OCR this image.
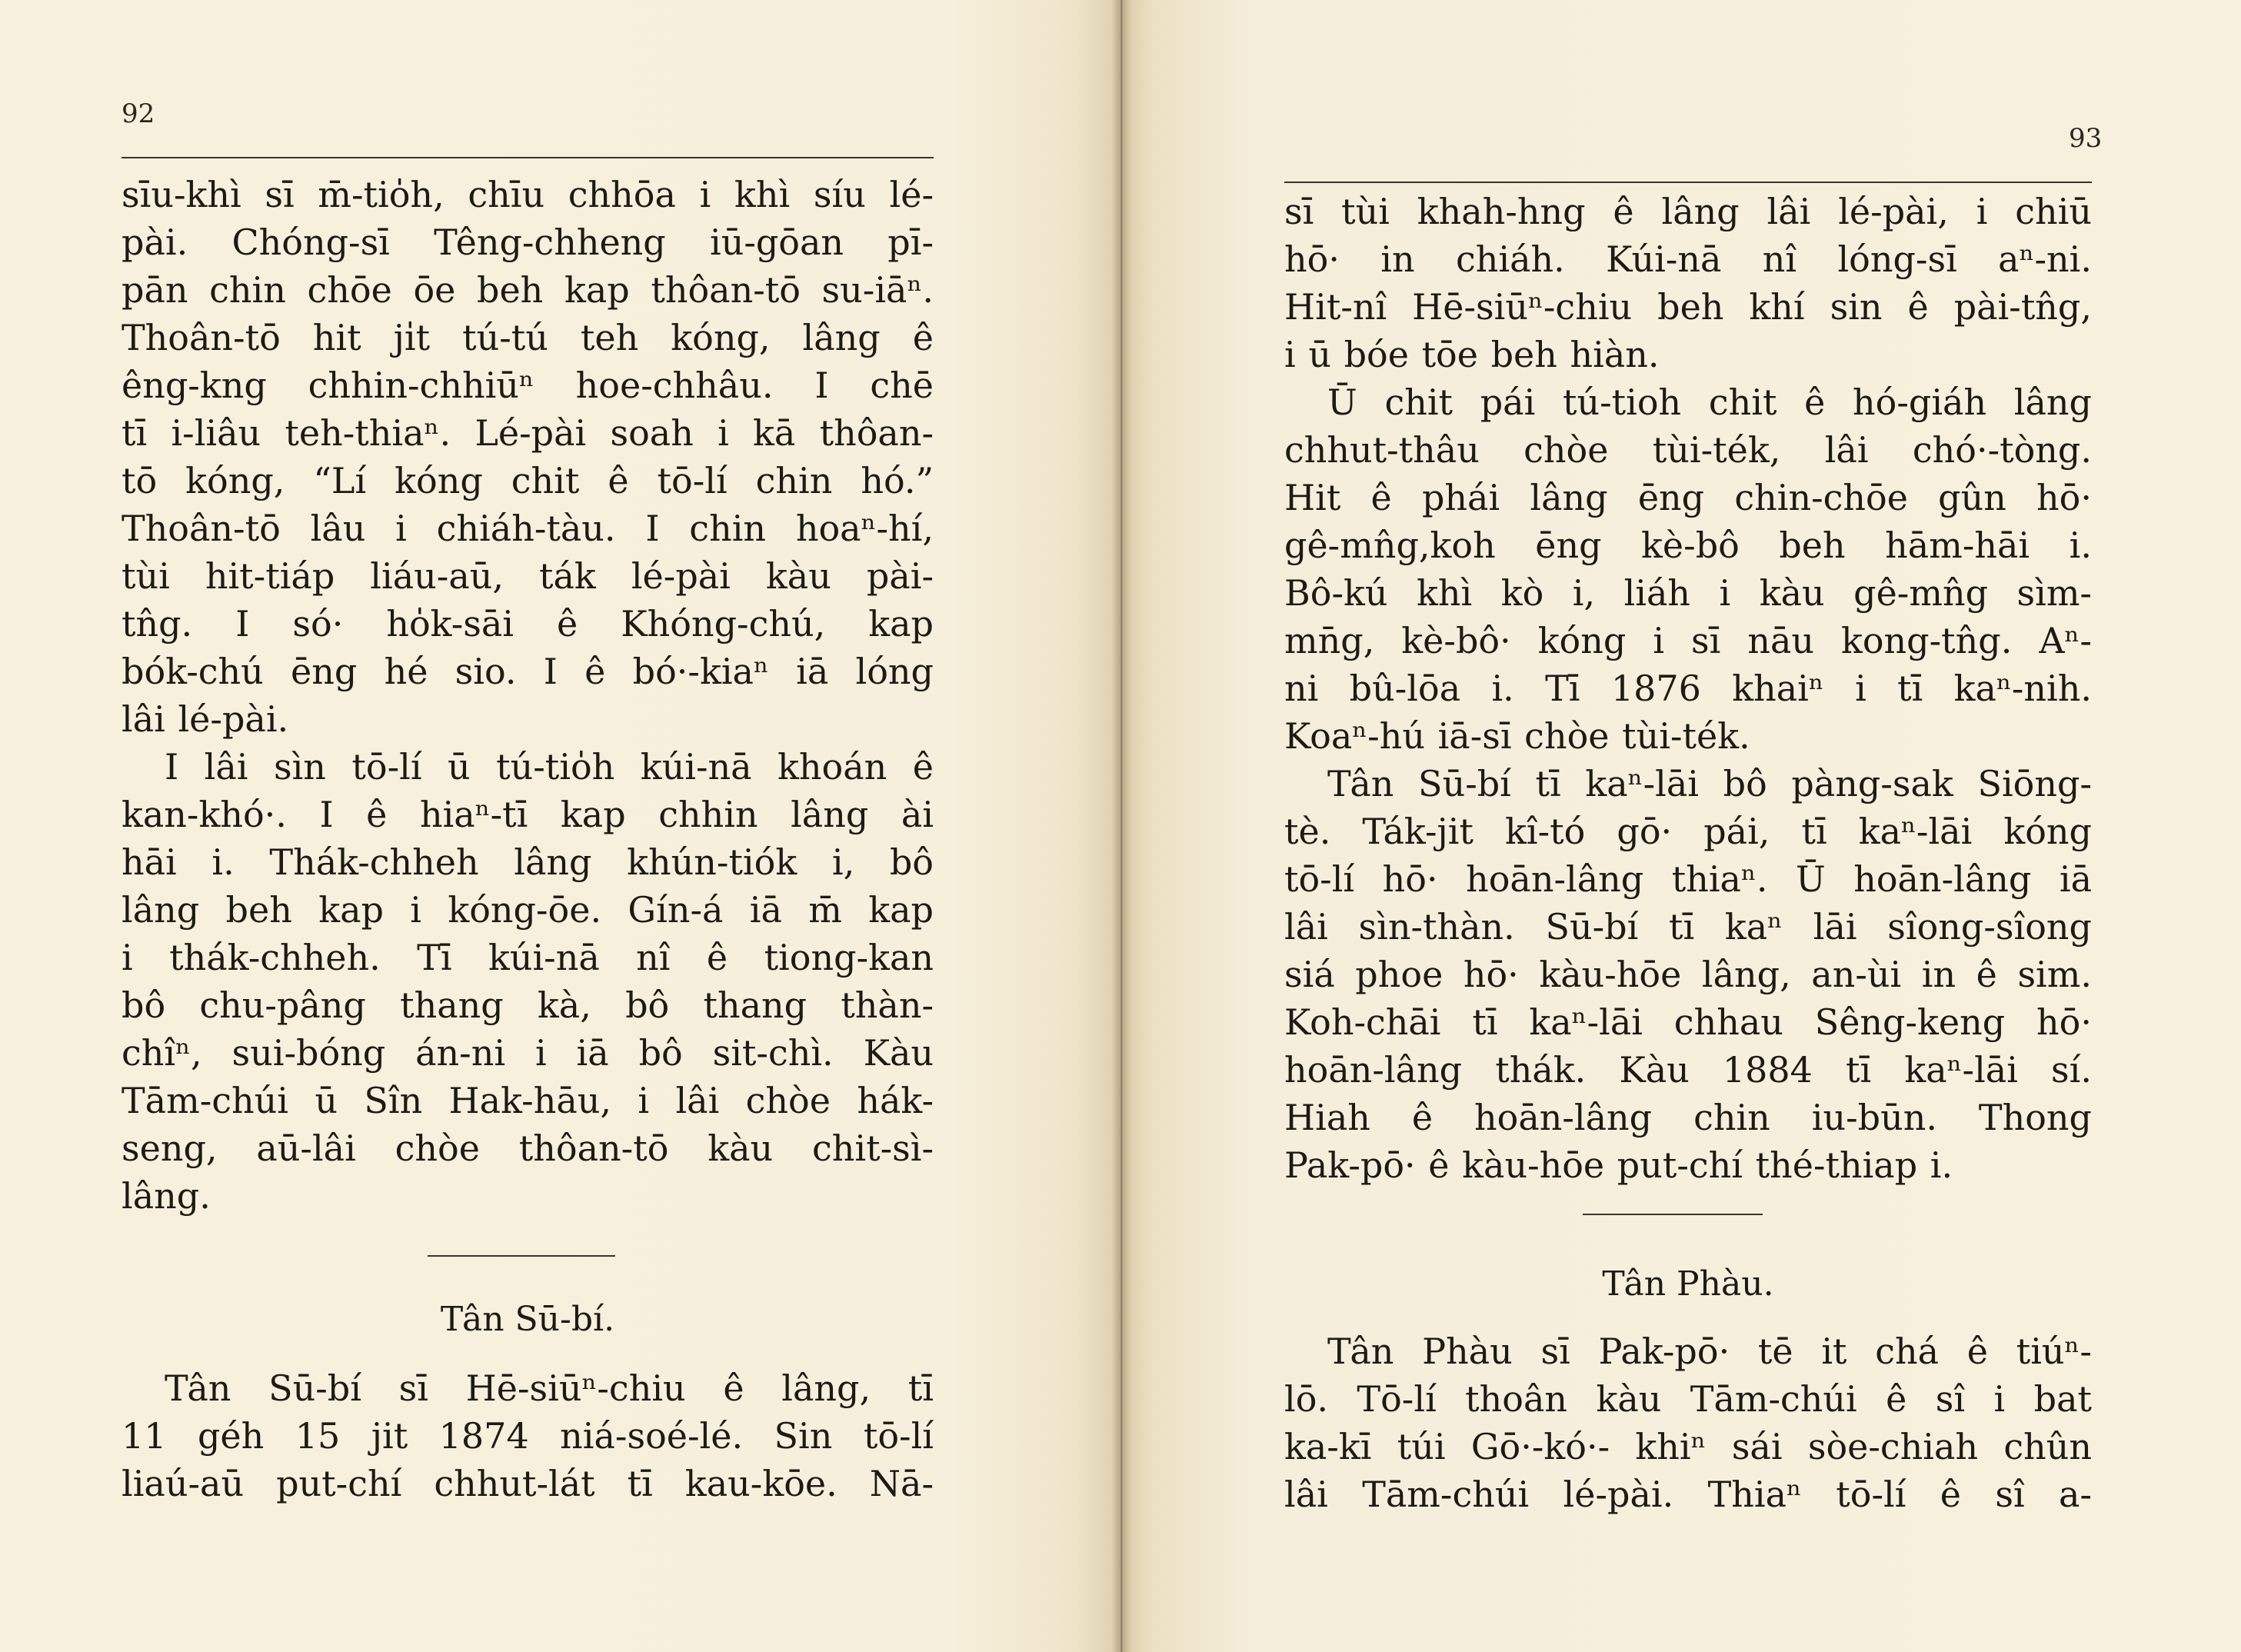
92
sīu-khì sī m̄-tio̍h, chīu chhōa i khì síu lé-
pài. Chóng-sī Têng-chheng iū-gōan pī-
pān chin chōe ōe beh kap thôan-tō su-iāⁿ.
Thoân-tō hit ji̍t tú-tú teh kóng, lâng ê
êng-kng chhin-chhiūⁿ hoe-chhâu. I chē
tī i-liâu teh-thiaⁿ. Lé-pài soah i kā thôan-
tō kóng, “Lí kóng chit ê tō-lí chin hó.”
Thoân-tō lâu i chiáh-tàu. I chin hoaⁿ-hí,
tùi hit-tiáp liáu-aū, ták lé-pài kàu pài-
tn̂g. I só· ho̍k-sāi ê Khóng-chú, kap
bók-chú ēng hé sio. I ê bó·-kiaⁿ iā lóng
lâi lé-pài.
I lâi sìn tō-lí ū tú-tio̍h kúi-nā khoán ê
kan-khó·. I ê hiaⁿ-tī kap chhin lâng ài
hāi i. Thák-chheh lâng khún-tiók i, bô
lâng beh kap i kóng-ōe. Gín-á iā m̄ kap
i thák-chheh. Tī kúi-nā nî ê tiong-kan
bô chu-pâng thang kà, bô thang thàn-
chîⁿ, sui-bóng án-ni i iā bô sit-chì. Kàu
Tām-chúi ū Sîn Hak-hāu, i lâi chòe hák-
seng, aū-lâi chòe thôan-tō kàu chit-sì-
lâng.
Tân Sū-bí.
Tân Sū-bí sī Hē-siūⁿ-chiu ê lâng, tī
11 géh 15 jit 1874 niá-soé-lé. Sin tō-lí
liaú-aū put-chí chhut-lát tī kau-kōe. Nā-
93
sī tùi khah-hng ê lâng lâi lé-pài, i chiū
hō· in chiáh. Kúi-nā nî lóng-sī aⁿ-ni.
Hit-nî Hē-siūⁿ-chiu beh khí sin ê pài-tn̂g,
i ū bóe tōe beh hiàn.
Ū chit pái tú-tioh chit ê hó-giáh lâng
chhut-thâu chòe tùi-ték, lâi chó·-tòng.
Hit ê phái lâng ēng chin-chōe gûn hō·
gê-mn̂g,koh ēng kè-bô beh hām-hāi i.
Bô-kú khì kò i, liáh i kàu gê-mn̂g sìm-
mn̄g, kè-bô· kóng i sī nāu kong-tn̂g. Aⁿ-
ni bû-lōa i. Tī 1876 khaiⁿ i tī kaⁿ-nih.
Koaⁿ-hú iā-sī chòe tùi-ték.
Tân Sū-bí tī kaⁿ-lāi bô pàng-sak Siōng-
tè. Ták-jit kî-tó gō· pái, tī kaⁿ-lāi kóng
tō-lí hō· hoān-lâng thiaⁿ. Ū hoān-lâng iā
lâi sìn-thàn. Sū-bí tī kaⁿ lāi sîong-sîong
siá phoe hō· kàu-hōe lâng, an-ùi in ê sim.
Koh-chāi tī kaⁿ-lāi chhau Sêng-keng hō·
hoān-lâng thák. Kàu 1884 tī kaⁿ-lāi sí.
Hiah ê hoān-lâng chin iu-būn. Thong
Pak-pō· ê kàu-hōe put-chí thé-thiap i.
Tân Phàu.
Tân Phàu sī Pak-pō· tē it chá ê tiúⁿ-
lō. Tō-lí thoân kàu Tām-chúi ê sî i bat
ka-kī túi Gō·-kó·- khiⁿ sái sòe-chiah chûn
lâi Tām-chúi lé-pài. Thiaⁿ tō-lí ê sî a-
